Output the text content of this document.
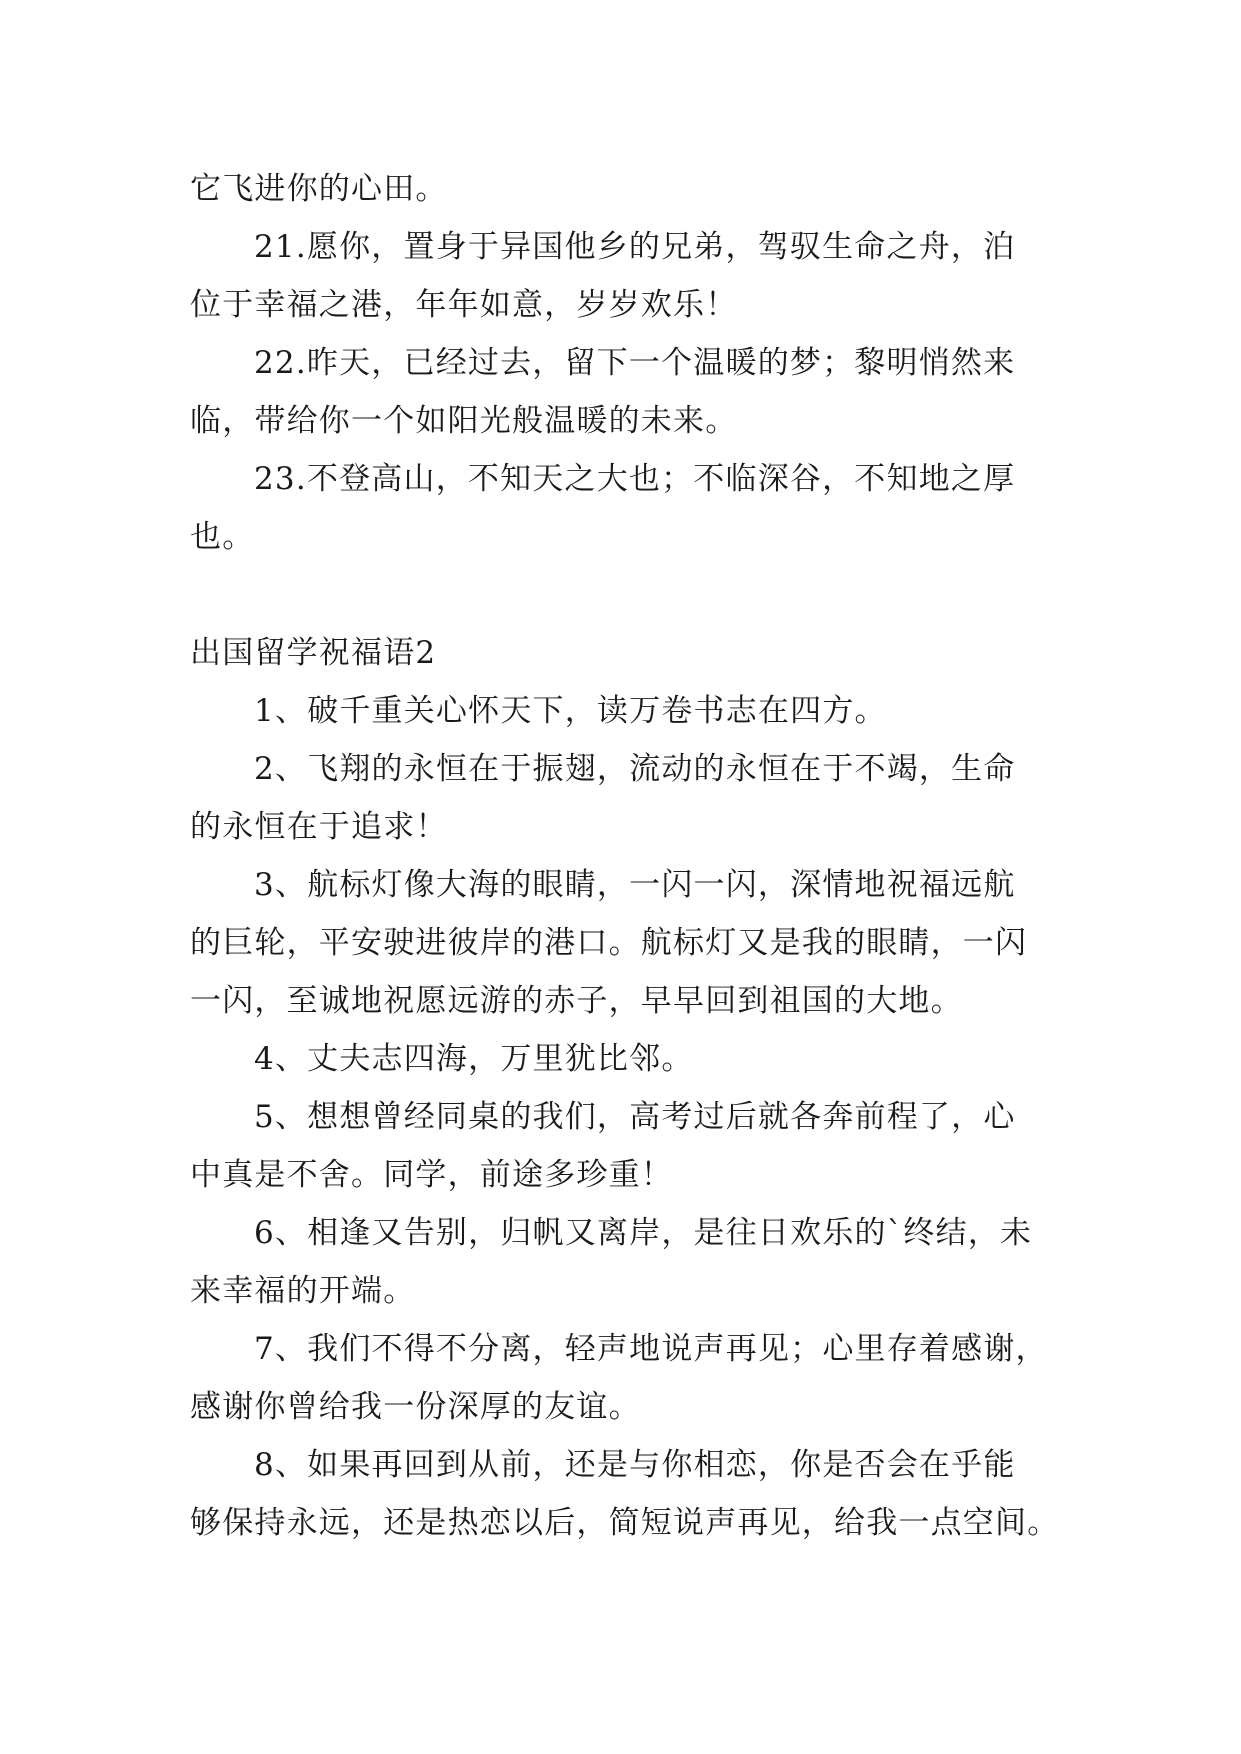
它飞进你的心田。
21.愿你，置身于异国他乡的兄弟，驾驭生命之舟，泊
位于幸福之港，年年如意，岁岁欢乐！
22.昨天，已经过去，留下一个温暖的梦；黎明悄然来
临，带给你一个如阳光般温暖的未来。
23.不登高山，不知天之大也；不临深谷，不知地之厚
也。
出国留学祝福语2
1、破千重关心怀天下，读万卷书志在四方。
2、飞翔的永恒在于振翅，流动的永恒在于不竭，生命
的永恒在于追求！
3、航标灯像大海的眼睛，一闪一闪，深情地祝福远航
的巨轮，平安驶进彼岸的港口。航标灯又是我的眼睛，一闪
一闪，至诚地祝愿远游的赤子，早早回到祖国的大地。
4、丈夫志四海，万里犹比邻。
5、想想曾经同桌的我们，高考过后就各奔前程了，心
中真是不舍。同学，前途多珍重！
6、相逢又告别，归帆又离岸，是往日欢乐的`终结，未
来幸福的开端。
7、我们不得不分离，轻声地说声再见；心里存着感谢，
感谢你曾给我一份深厚的友谊。
8、如果再回到从前，还是与你相恋，你是否会在乎能
够保持永远，还是热恋以后，简短说声再见，给我一点空间。
